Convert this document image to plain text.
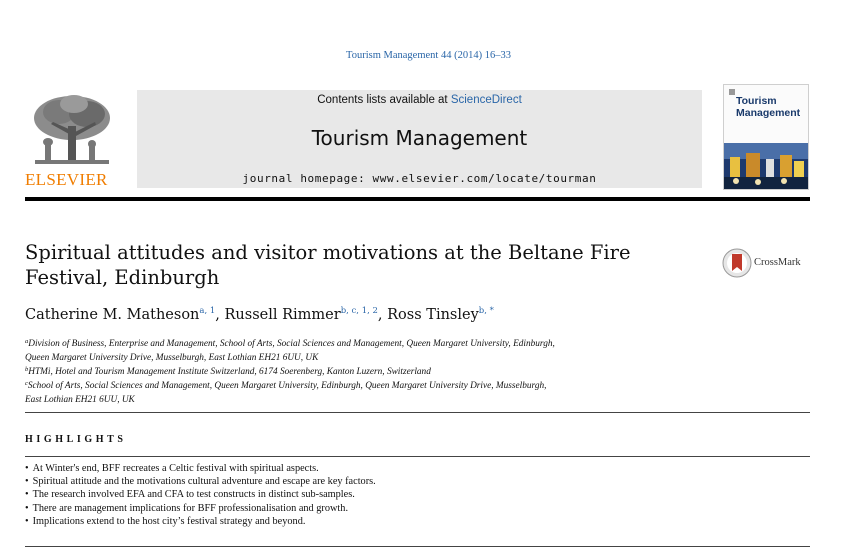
Tourism Management 44 (2014) 16–33
ELSEVIER
Contents lists available at ScienceDirect
Tourism Management
journal homepage: www.elsevier.com/locate/tourman
Tourism
Management
Spiritual attitudes and visitor motivations at the Beltane Fire Festival, Edinburgh
CrossMark
Catherine M. Matheson$^{a, 1}$, Russell Rimmer$^{b, c, 1, 2}$, Ross Tinsley$^{b, *}$
$^a$Division of Business, Enterprise and Management, School of Arts, Social Sciences and Management, Queen Margaret University, Edinburgh,
Queen Margaret University Drive, Musselburgh, East Lothian EH21 6UU, UK
$^b$HTMi, Hotel and Tourism Management Institute Switzerland, 6174 Soerenberg, Kanton Luzern, Switzerland
$^c$School of Arts, Social Sciences and Management, Queen Margaret University, Edinburgh, Queen Margaret University Drive, Musselburgh,
East Lothian EH21 6UU, UK
HIGHLIGHTS
• At Winter's end, BFF recreates a Celtic festival with spiritual aspects.
• Spiritual attitude and the motivations cultural adventure and escape are key factors.
• The research involved EFA and CFA to test constructs in distinct sub-samples.
• There are management implications for BFF professionalisation and growth.
• Implications extend to the host city’s festival strategy and beyond.
